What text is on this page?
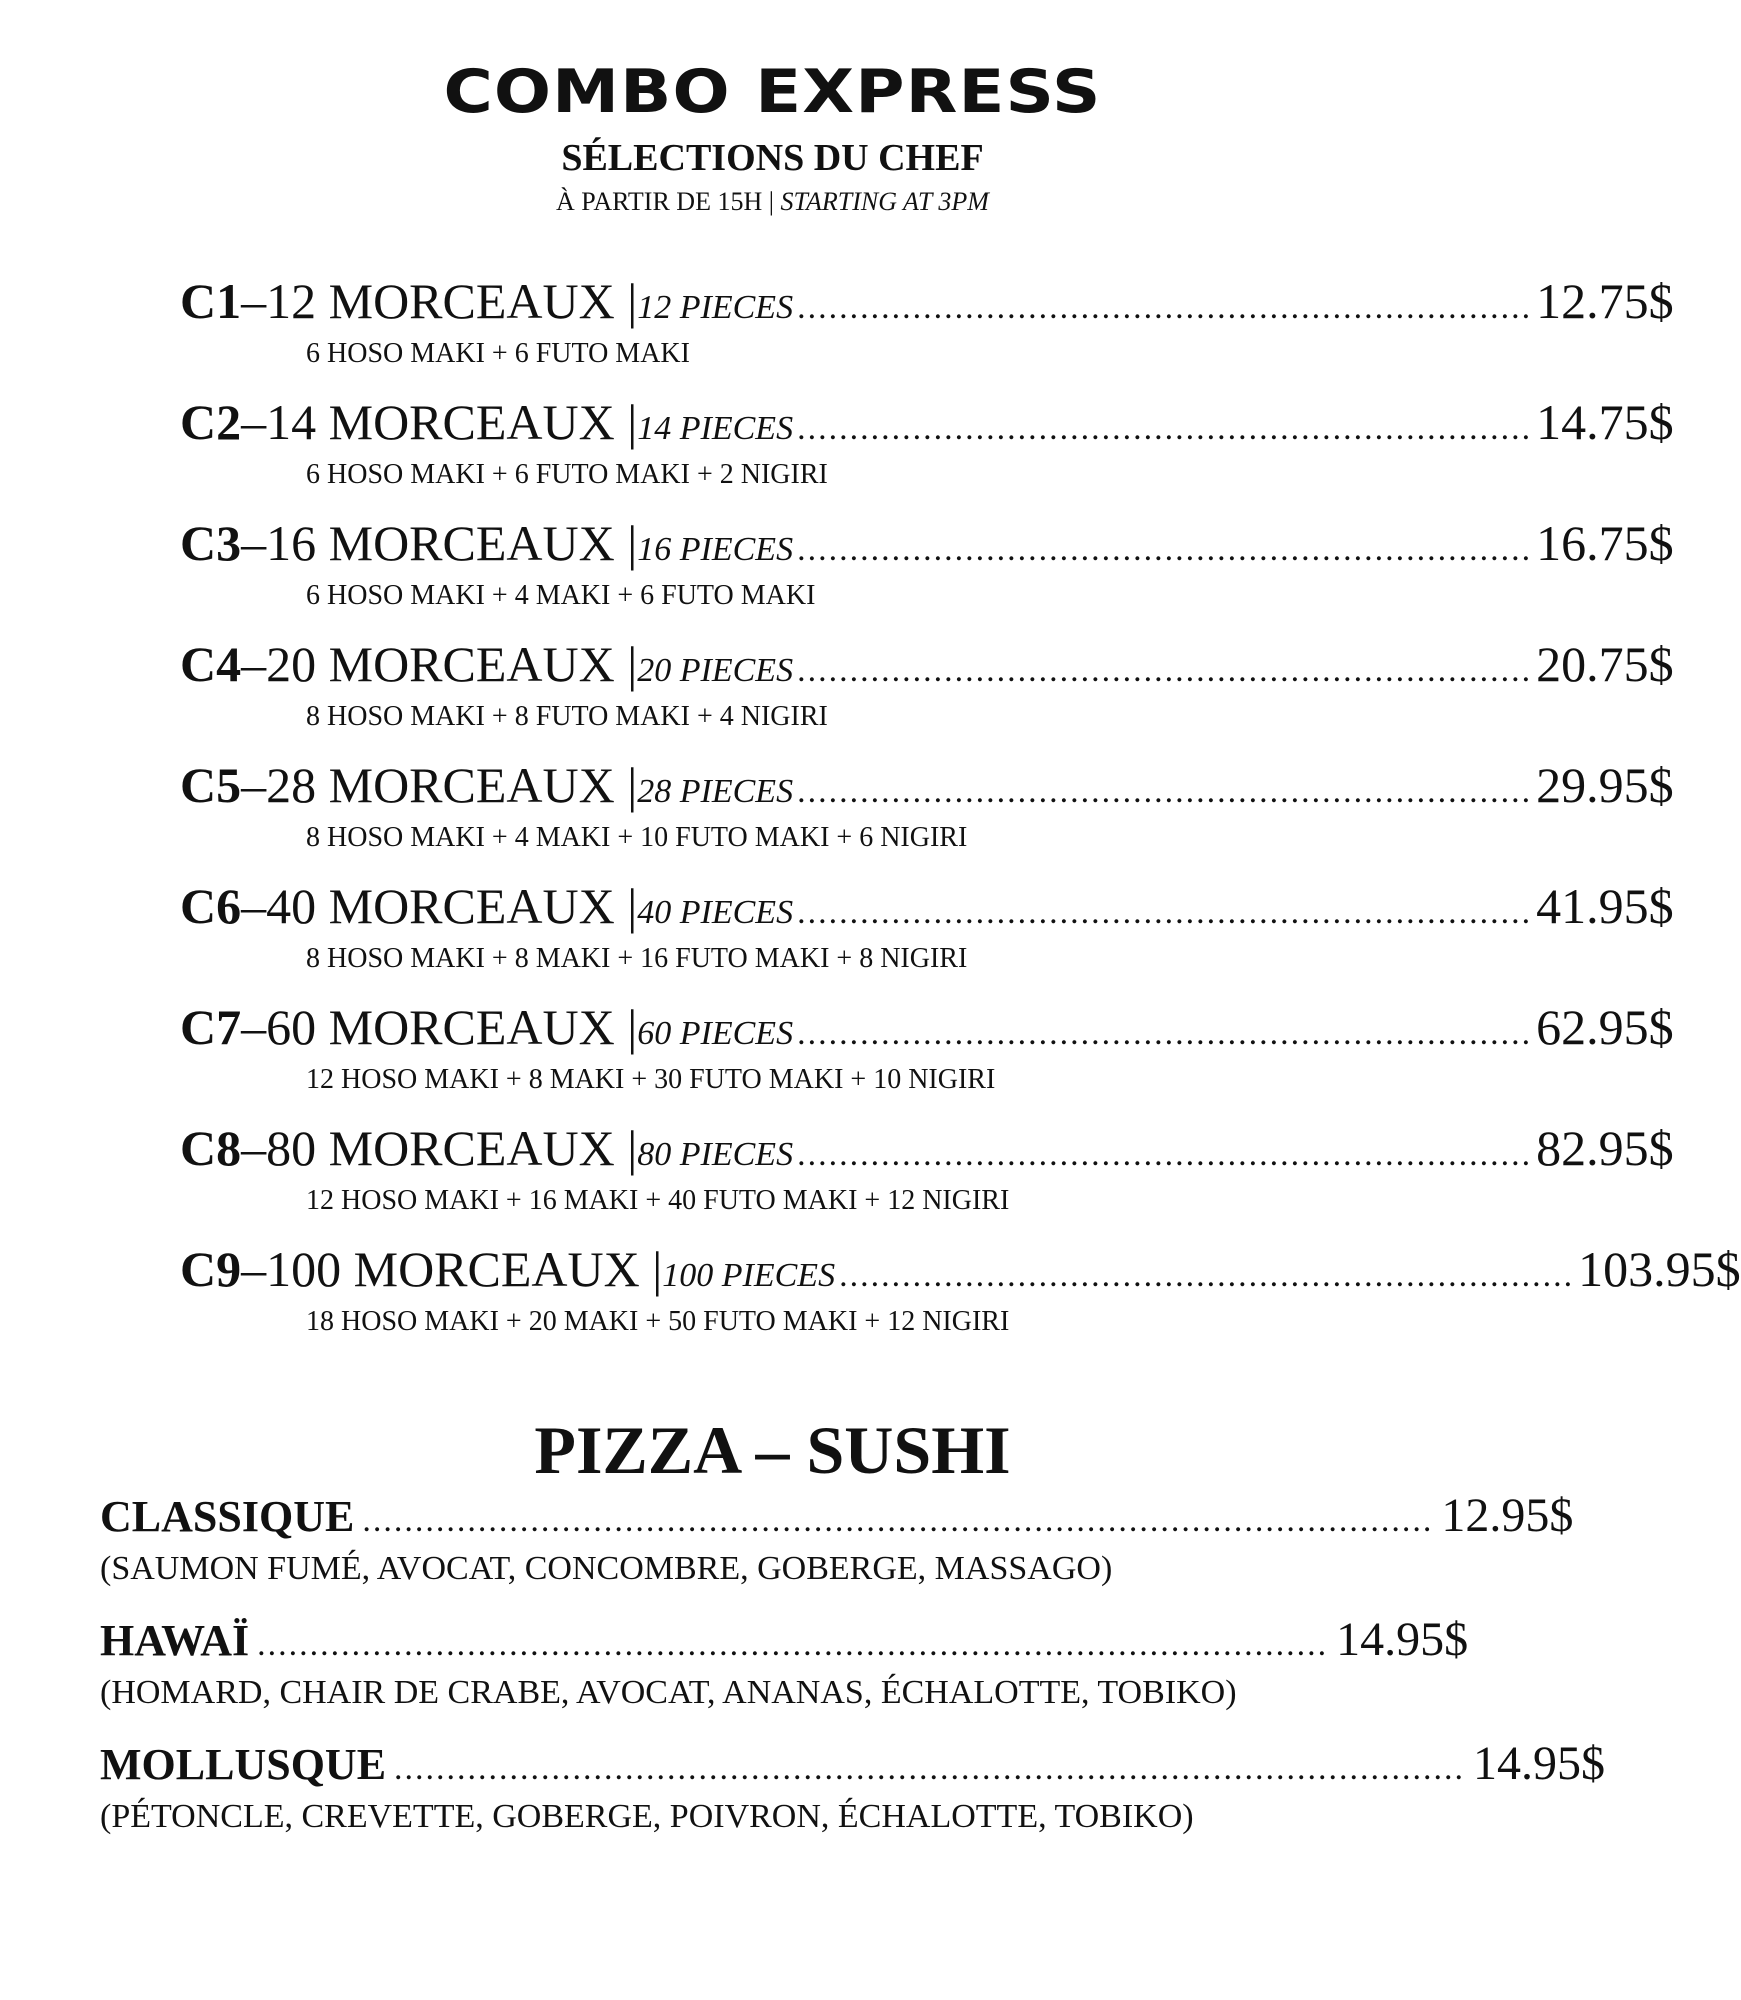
COMBO EXPRESS
SÉLECTIONS DU CHEF
À PARTIR DE 15H | STARTING AT 3PM
C1 – 12 MORCEAUX | 12 PIECES ...................................................................... 12.75$
6 HOSO MAKI + 6 FUTO MAKI
C2 – 14 MORCEAUX | 14 PIECES ...................................................................... 14.75$
6 HOSO MAKI + 6 FUTO MAKI + 2 NIGIRI
C3 – 16 MORCEAUX | 16 PIECES ...................................................................... 16.75$
6 HOSO MAKI + 4 MAKI + 6 FUTO MAKI
C4 – 20 MORCEAUX | 20 PIECES ...................................................................... 20.75$
8 HOSO MAKI + 8 FUTO MAKI + 4 NIGIRI
C5 – 28 MORCEAUX | 28 PIECES ...................................................................... 29.95$
8 HOSO MAKI + 4 MAKI + 10 FUTO MAKI + 6 NIGIRI
C6 – 40 MORCEAUX | 40 PIECES ...................................................................... 41.95$
8 HOSO MAKI + 8 MAKI + 16 FUTO MAKI + 8 NIGIRI
C7 – 60 MORCEAUX | 60 PIECES ...................................................................... 62.95$
12 HOSO MAKI + 8 MAKI + 30 FUTO MAKI + 10 NIGIRI
C8 – 80 MORCEAUX | 80 PIECES ...................................................................... 82.95$
12 HOSO MAKI + 16 MAKI + 40 FUTO MAKI + 12 NIGIRI
C9 – 100 MORCEAUX | 100 PIECES ...................................................................... 103.95$
18 HOSO MAKI + 20 MAKI + 50 FUTO MAKI + 12 NIGIRI
PIZZA – SUSHI
CLASSIQUE ...................................................................................................... 12.95$
(SAUMON FUMÉ, AVOCAT, CONCOMBRE, GOBERGE, MASSAGO)
HAWAÏ ...................................................................................................... 14.95$
(HOMARD, CHAIR DE CRABE, AVOCAT, ANANAS, ÉCHALOTTE, TOBIKO)
MOLLUSQUE ...................................................................................................... 14.95$
(PÉTONCLE, CREVETTE, GOBERGE, POIVRON, ÉCHALOTTE, TOBIKO)
